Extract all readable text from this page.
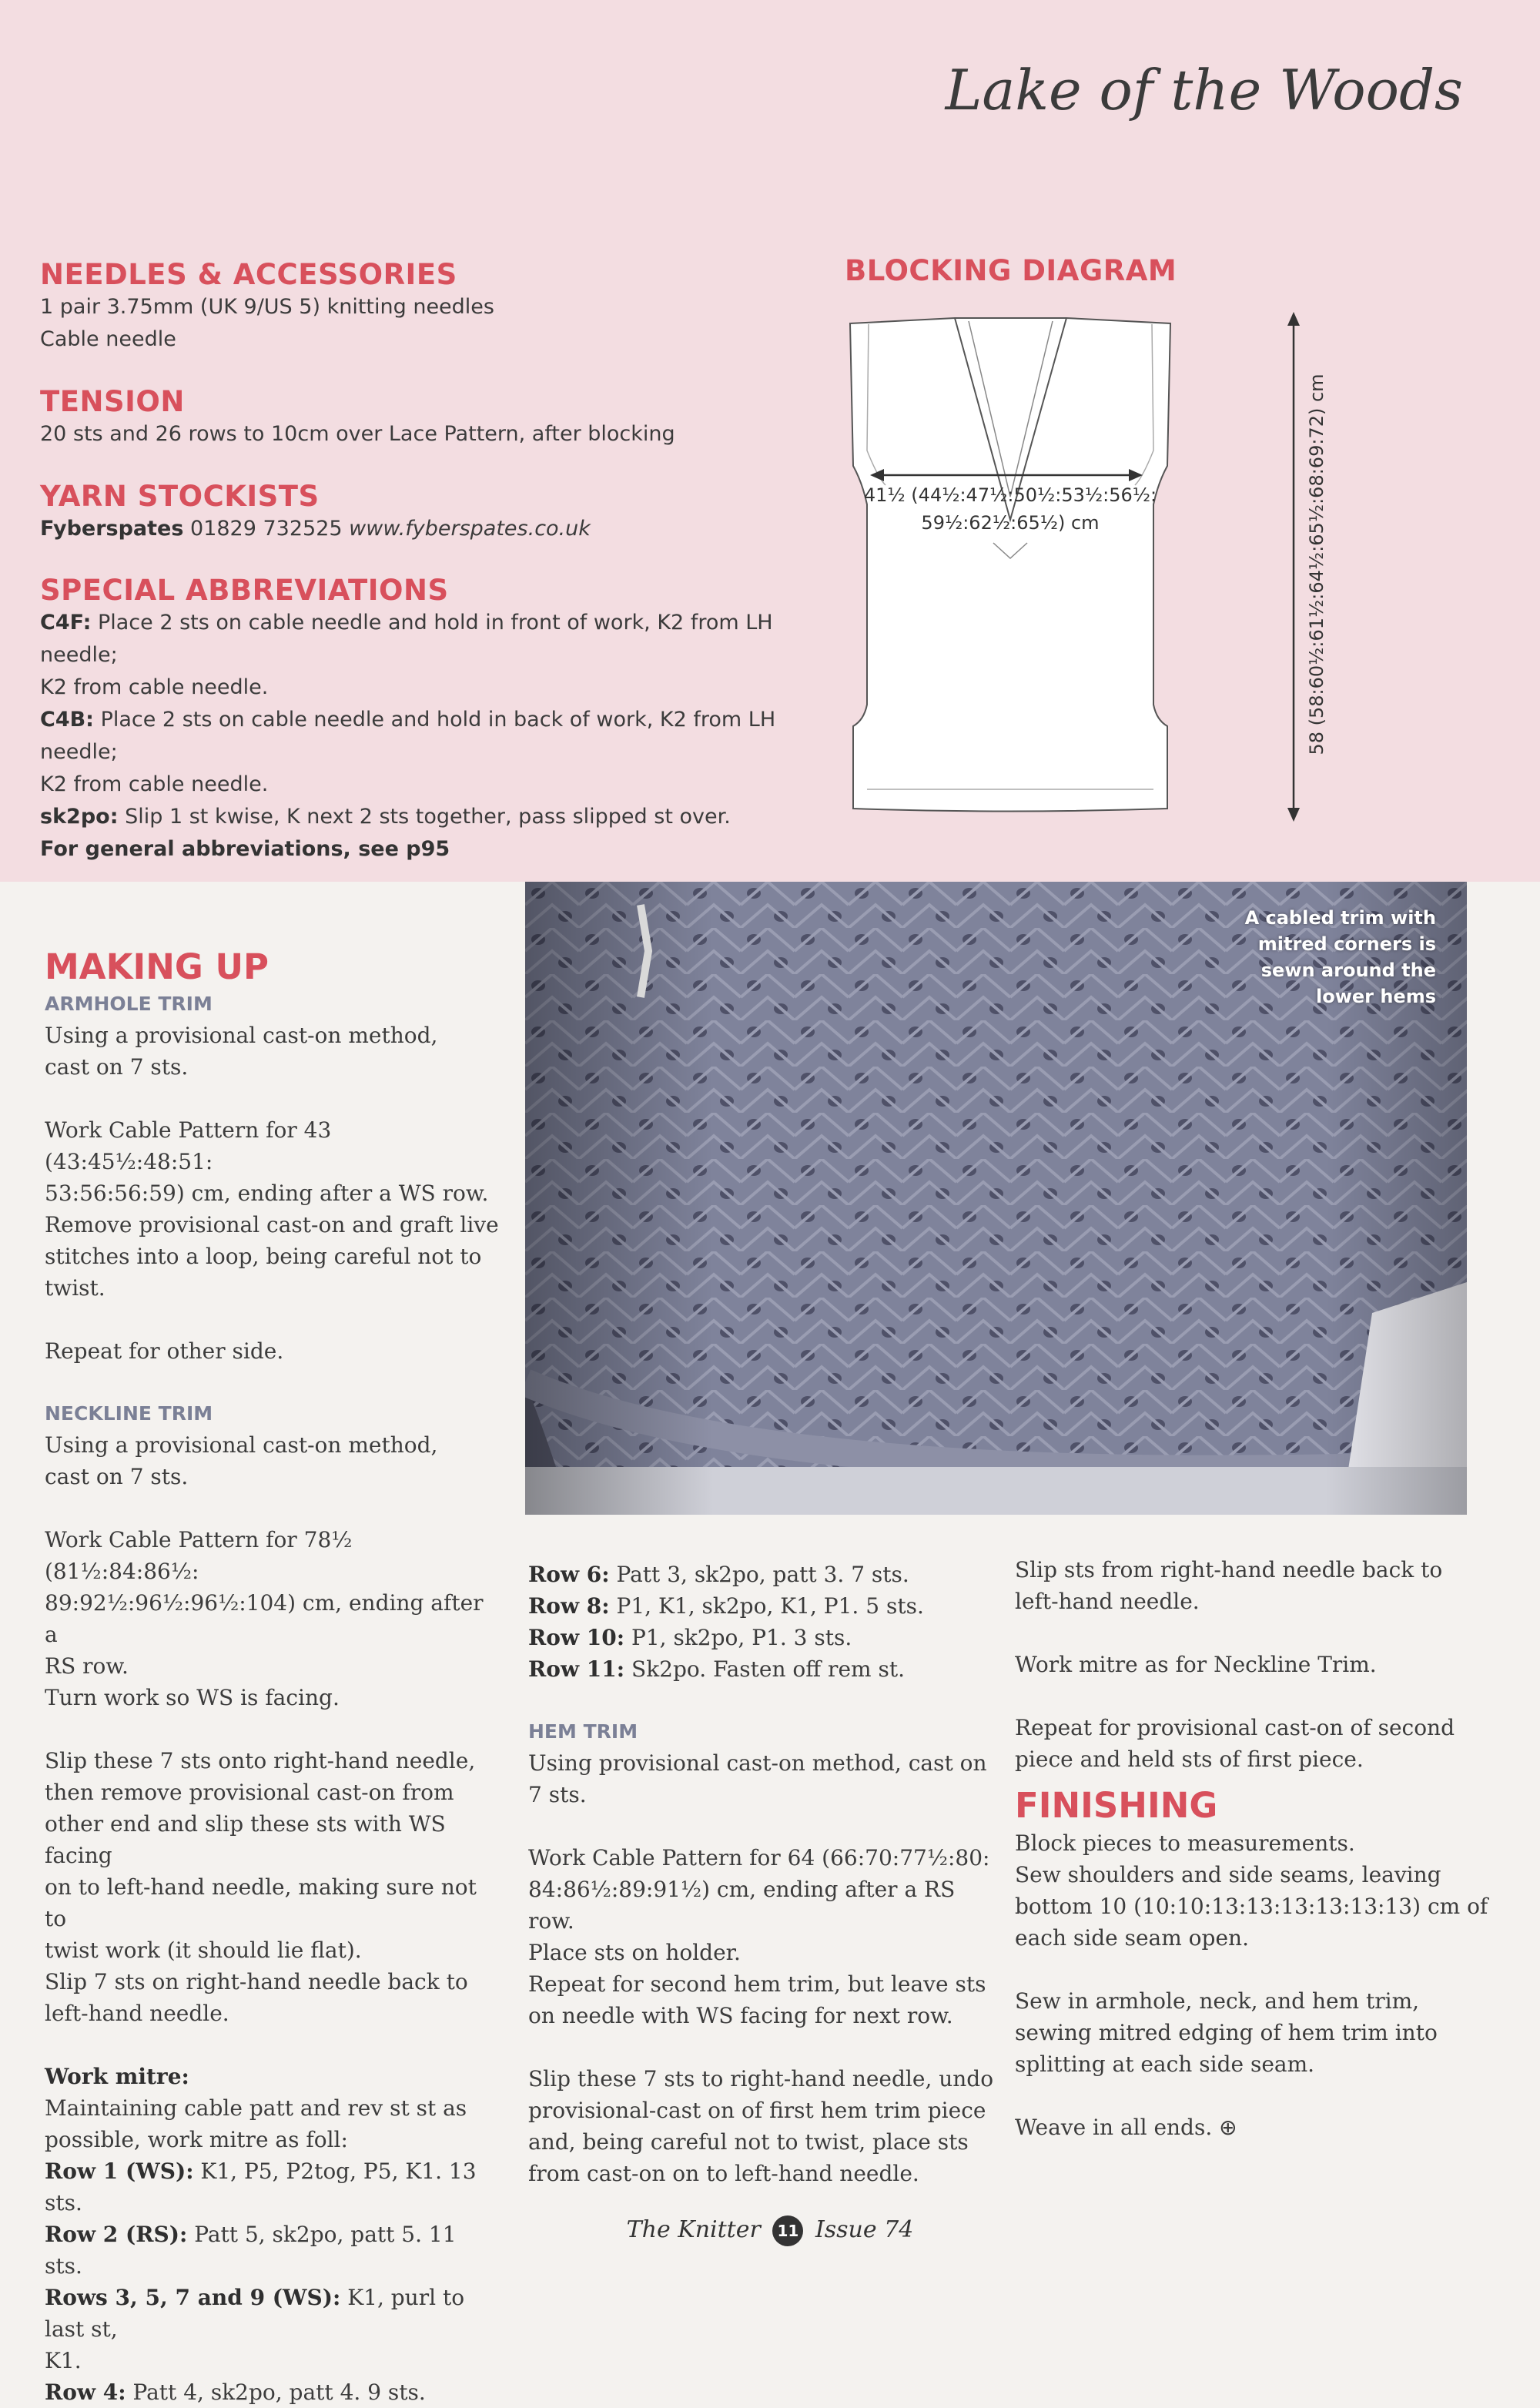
Lake of the Woods
NEEDLES & ACCESSORIES
1 pair 3.75mm (UK 9/US 5) knitting needles
Cable needle
TENSION
20 sts and 26 rows to 10cm over Lace Pattern, after blocking
YARN STOCKISTS
Fyberspates 01829 732525 www.fyberspates.co.uk
SPECIAL ABBREVIATIONS
C4F: Place 2 sts on cable needle and hold in front of work, K2 from LH needle;
K2 from cable needle.
C4B: Place 2 sts on cable needle and hold in back of work, K2 from LH needle;
K2 from cable needle.
sk2po: Slip 1 st kwise, K next 2 sts together, pass slipped st over.
For general abbreviations, see p95
BLOCKING DIAGRAM
41½ (44½:47½:50½:53½:56½:
59½:62½:65½) cm	58 (58:60½:61½:64½:65½:68:69:72) cm
A cabled trim with
mitred corners is
sewn around the
lower hems
MAKING UP
ARMHOLE TRIM

Using a provisional cast-on method,

cast on 7 sts.

Work Cable Pattern for 43 (43:45½:48:51:

53:56:56:59) cm, ending after a WS row.

Remove provisional cast-on and graft live

stitches into a loop, being careful not to

twist.

Repeat for other side.

NECKLINE TRIM

Using a provisional cast-on method,

cast on 7 sts.

Work Cable Pattern for 78½ (81½:84:86½:

89:92½:96½:96½:104) cm, ending after a

RS row.

Turn work so WS is facing.

Slip these 7 sts onto right-hand needle,

then remove provisional cast-on from

other end and slip these sts with WS facing

on to left-hand needle, making sure not to

twist work (it should lie flat).

Slip 7 sts on right-hand needle back to

left-hand needle.

Work mitre:

Maintaining cable patt and rev st st as

possible, work mitre as foll:

Row 1 (WS): K1, P5, P2tog, P5, K1. 13 sts.

Row 2 (RS): Patt 5, sk2po, patt 5. 11 sts.

Rows 3, 5, 7 and 9 (WS): K1, purl to last st,

K1.

Row 4: Patt 4, sk2po, patt 4. 9 sts.

Row 6: Patt 3, sk2po, patt 3. 7 sts.

Row 8: P1, K1, sk2po, K1, P1. 5 sts.

Row 10: P1, sk2po, P1. 3 sts.

Row 11: Sk2po. Fasten off rem st.

HEM TRIM

Using provisional cast-on method, cast on

7 sts.

Work Cable Pattern for 64 (66:70:77½:80:

84:86½:89:91½) cm, ending after a RS row.

Place sts on holder.

Repeat for second hem trim, but leave sts

on needle with WS facing for next row.

Slip these 7 sts to right-hand needle, undo

provisional-cast on of first hem trim piece

and, being careful not to twist, place sts

from cast-on on to left-hand needle.

Slip sts from right-hand needle back to

left-hand needle.

Work mitre as for Neckline Trim.

Repeat for provisional cast-on of second

piece and held sts of first piece.

FINISHING

Block pieces to measurements.

Sew shoulders and side seams, leaving

bottom 10 (10:10:13:13:13:13:13:13) cm of

each side seam open.

Sew in armhole, neck, and hem trim,

sewing mitred edging of hem trim into

splitting at each side seam.

Weave in all ends. ⊕

The Knitter 11 Issue 74
